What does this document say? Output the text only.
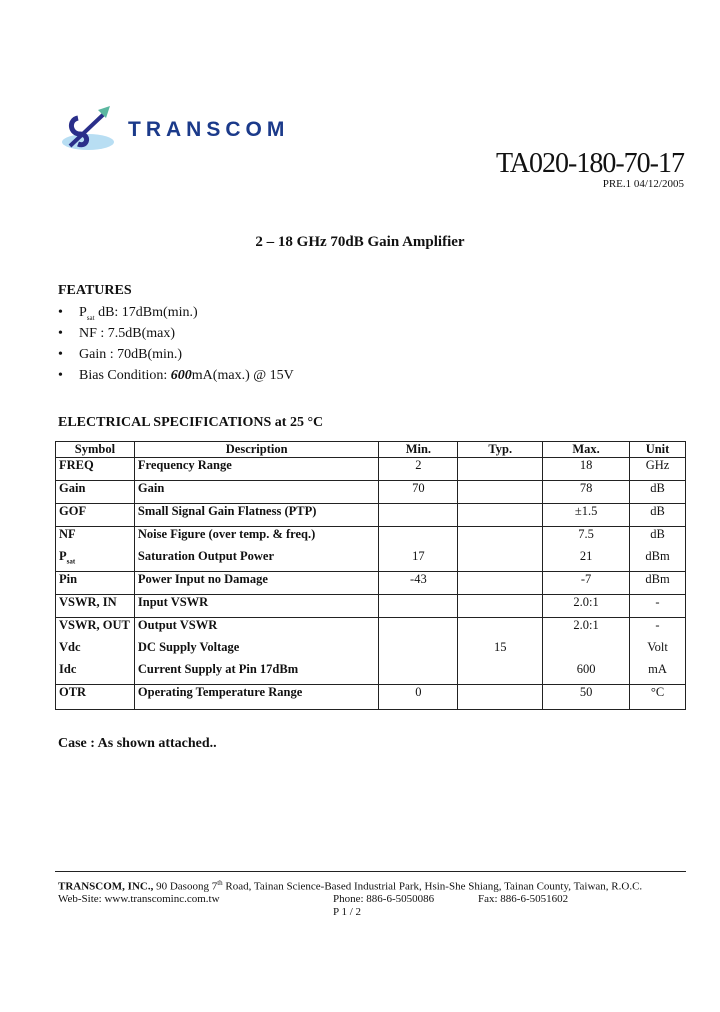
TRANSCOM
TA020-180-70-17
PRE.1 04/12/2005
2 – 18 GHz 70dB Gain Amplifier
FEATURES
• $P_{sat}$ dB: 17dBm(min.)
• NF : 7.5dB(max)
• Gain : 70dB(min.)
• Bias Condition: 600mA(max.) @ 15V
ELECTRICAL SPECIFICATIONS at 25 °C
Symbol	Description	Min.	Typ.	Max.	Unit
FREQ	Frequency Range	2		18	GHz
Gain	Gain	70		78	dB
GOF	Small Signal Gain Flatness (PTP)			±1.5	dB
NF	Noise Figure (over temp. & freq.)			7.5	dB
$P_{sat}$	Saturation Output Power	17		21	dBm
Pin	Power Input no Damage	-43		-7	dBm
VSWR, IN	Input VSWR			2.0:1	-
VSWR, OUT	Output VSWR			2.0:1	-
Vdc	DC Supply Voltage		15		Volt
Idc	Current Supply at Pin 17dBm			600	mA
OTR	Operating Temperature Range	0		50	°C
Case : As shown attached..
TRANSCOM, INC., 90 Dasoong 7th Road, Tainan Science-Based Industrial Park, Hsin-She Shiang, Tainan County, Taiwan, R.O.C.
Web-Site: www.transcominc.com.tw	Phone: 886-6-5050086	Fax: 886-6-5051602
P 1 / 2
